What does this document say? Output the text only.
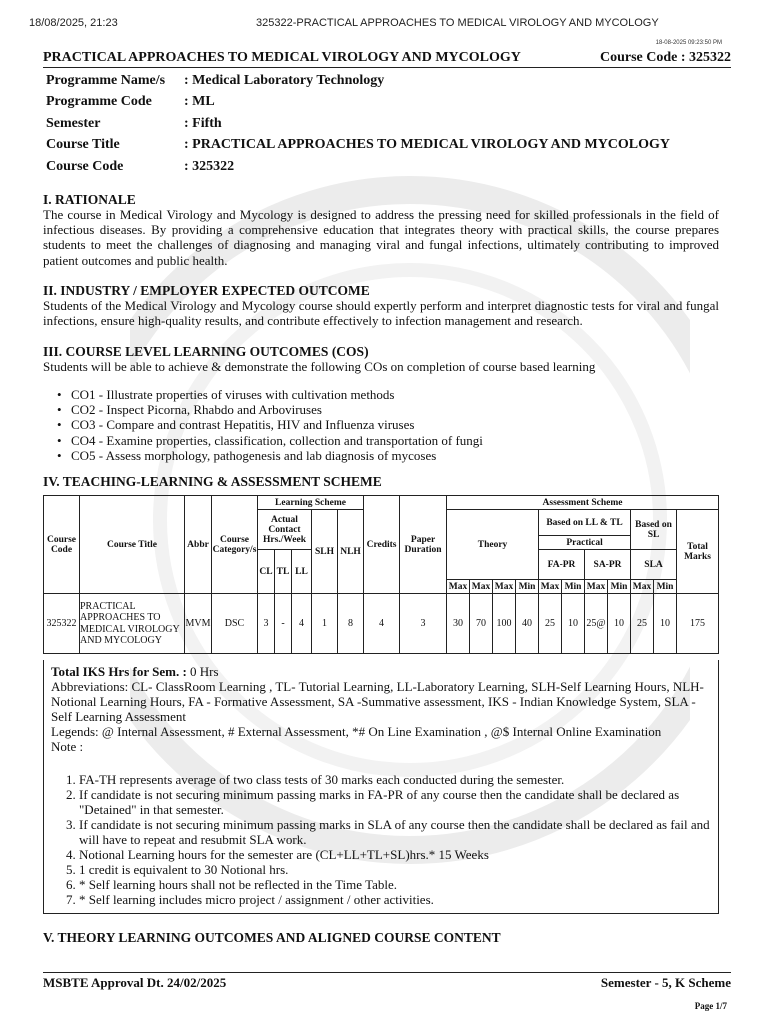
18/08/2025, 21:23	325322-PRACTICAL APPROACHES TO MEDICAL VIROLOGY AND MYCOLOGY
18-08-2025 09:23:50 PM
PRACTICAL APPROACHES TO MEDICAL VIROLOGY AND MYCOLOGY	Course Code : 325322
Programme Name/s	: Medical Laboratory Technology
Programme Code	: ML
Semester	: Fifth
Course Title	: PRACTICAL APPROACHES TO MEDICAL VIROLOGY AND MYCOLOGY
Course Code	: 325322
I. RATIONALE
The course in Medical Virology and Mycology is designed to address the pressing need for skilled professionals in the field of infectious diseases. By providing a comprehensive education that integrates theory with practical skills, the course prepares students to meet the challenges of diagnosing and managing viral and fungal infections, ultimately contributing to improved patient outcomes and public health.
II. INDUSTRY / EMPLOYER EXPECTED OUTCOME
Students of the Medical Virology and Mycology course should expertly perform and interpret diagnostic tests for viral and fungal infections, ensure high-quality results, and contribute effectively to infection management and research.
III. COURSE LEVEL LEARNING OUTCOMES (COS)
Students will be able to achieve & demonstrate the following COs on completion of course based learning
• CO1 - Illustrate properties of viruses with cultivation methods
• CO2 - Inspect Picorna, Rhabdo and Arboviruses
• CO3 - Compare and contrast Hepatitis, HIV and Influenza viruses
• CO4 - Examine properties, classification, collection and transportation of fungi
• CO5 - Assess morphology, pathogenesis and lab diagnosis of mycoses
IV. TEACHING-LEARNING & ASSESSMENT SCHEME
Course Code	Course Title	Abbr	Course Category/s	Learning Scheme					Credits	Paper Duration	Assessment Scheme										
				Actual Contact Hrs./Week			SLH	NLH			Theory				Based on LL & TL				Based on SL		Total Marks
															Practical						
				CL	TL	LL									FA-PR		SA-PR		SLA		
											Max	Max	Max	Min	Max	Min	Max	Min	Max	Min	
325322	PRACTICAL APPROACHES TO MEDICAL VIROLOGY AND MYCOLOGY	MVM	DSC	3	-	4	1	8	4	3	30	70	100	40	25	10	25@	10	25	10	175
Total IKS Hrs for Sem. : 0 Hrs
Abbreviations: CL- ClassRoom Learning , TL- Tutorial Learning, LL-Laboratory Learning, SLH-Self Learning Hours, NLH-Notional Learning Hours, FA - Formative Assessment, SA -Summative assessment, IKS - Indian Knowledge System, SLA - Self Learning Assessment
Legends: @ Internal Assessment, # External Assessment, *# On Line Examination , @$ Internal Online Examination
Note :
1. FA-TH represents average of two class tests of 30 marks each conducted during the semester.
2. If candidate is not securing minimum passing marks in FA-PR of any course then the candidate shall be declared as "Detained" in that semester.
3. If candidate is not securing minimum passing marks in SLA of any course then the candidate shall be declared as fail and will have to repeat and resubmit SLA work.
4. Notional Learning hours for the semester are (CL+LL+TL+SL)hrs.* 15 Weeks
5. 1 credit is equivalent to 30 Notional hrs.
6. * Self learning hours shall not be reflected in the Time Table.
7. * Self learning includes micro project / assignment / other activities.
V. THEORY LEARNING OUTCOMES AND ALIGNED COURSE CONTENT
MSBTE Approval Dt. 24/02/2025	Semester - 5, K Scheme
Page 1/7
